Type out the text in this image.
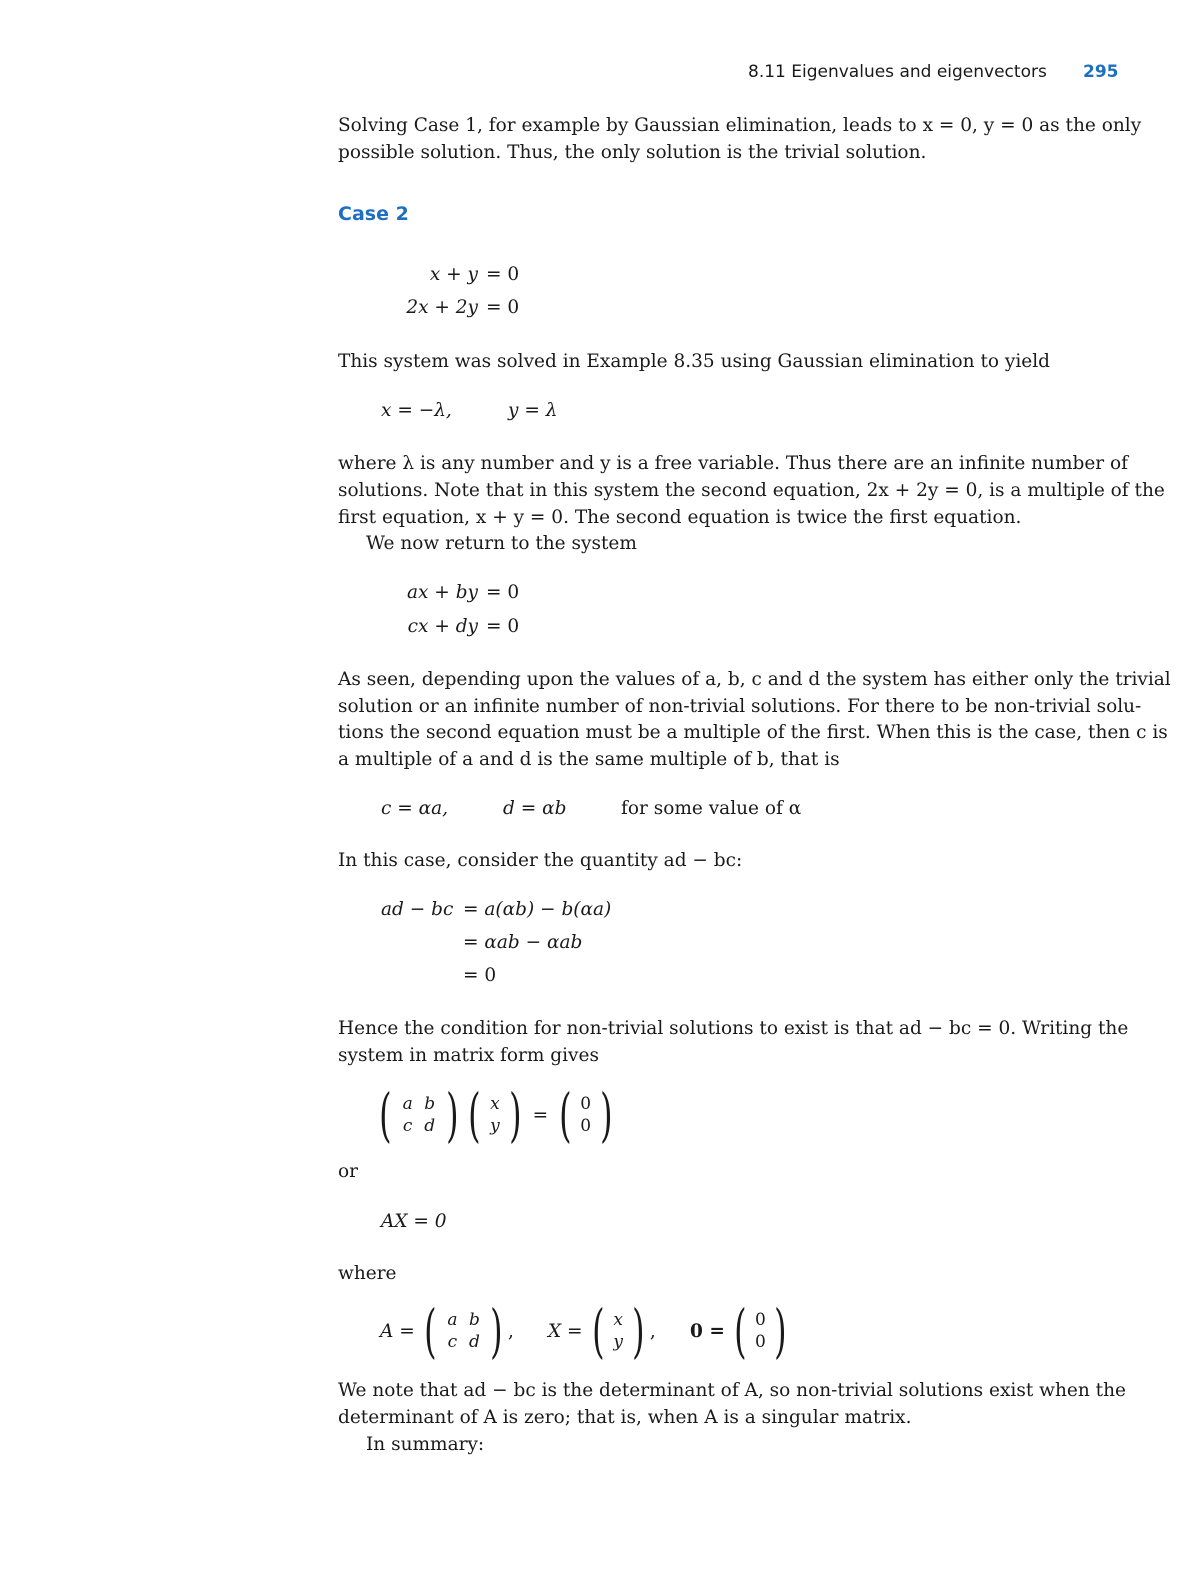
8.11 Eigenvalues and eigenvectors 295
Solving Case 1, for example by Gaussian elimination, leads to x = 0, y = 0 as the only
possible solution. Thus, the only solution is the trivial solution.
Case 2
x + y = 0
2x + 2y = 0
This system was solved in Example 8.35 using Gaussian elimination to yield
x = −λ,	y = λ
where λ is any number and y is a free variable. Thus there are an infinite number of
solutions. Note that in this system the second equation, 2x + 2y = 0, is a multiple of the
first equation, x + y = 0. The second equation is twice the first equation.
We now return to the system
ax + by = 0
cx + dy = 0
As seen, depending upon the values of a, b, c and d the system has either only the trivial
solution or an infinite number of non-trivial solutions. For there to be non-trivial solu-
tions the second equation must be a multiple of the first. When this is the case, then c is
a multiple of a and d is the same multiple of b, that is
c = αa,	d = αb	for some value of α
In this case, consider the quantity ad − bc:
ad − bc = a(αb) − b(αa)
= αab − αab
= 0
Hence the condition for non-trivial solutions to exist is that ad − bc = 0. Writing the
system in matrix form gives
( a b
c d ) ( x
y ) = ( 0
0 )
or
AX = 0
where
A = ( a b
c d ) , X = ( x
y ) , 0 = ( 0
0 )
We note that ad − bc is the determinant of A, so non-trivial solutions exist when the
determinant of A is zero; that is, when A is a singular matrix.
In summary:
